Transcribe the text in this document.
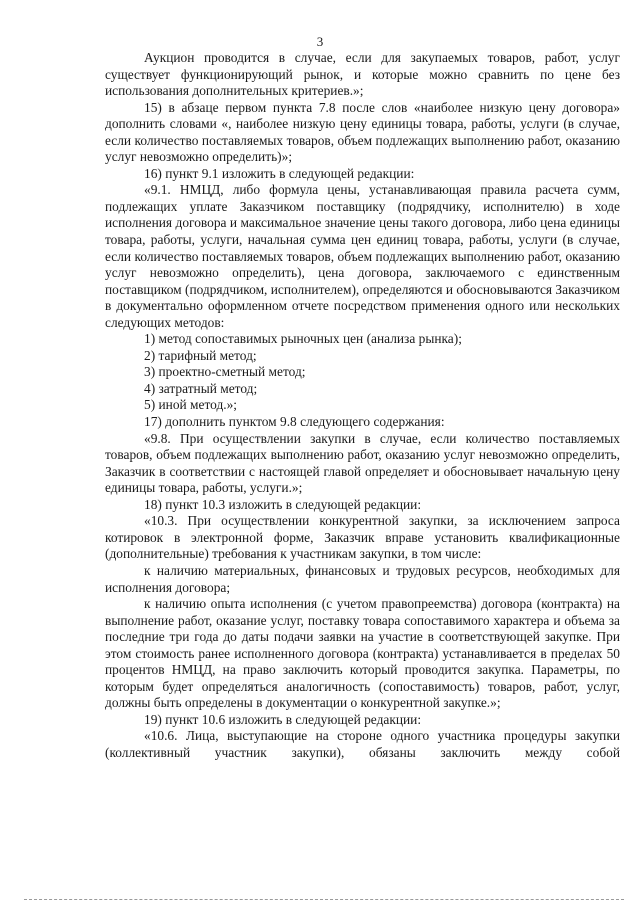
3

Аукцион проводится в случае, если для закупаемых товаров, работ, услуг существует функционирующий рынок, и которые можно сравнить по цене без использования дополнительных критериев.»;

15) в абзаце первом пункта 7.8 после слов «наиболее низкую цену договора» дополнить словами «, наиболее низкую цену единицы товара, работы, услуги (в случае, если количество поставляемых товаров, объем подлежащих выполнению работ, оказанию услуг невозможно определить)»;

16) пункт 9.1 изложить в следующей редакции:

«9.1. НМЦД, либо формула цены, устанавливающая правила расчета сумм, подлежащих уплате Заказчиком поставщику (подрядчику, исполнителю) в ходе исполнения договора и максимальное значение цены такого договора, либо цена единицы товара, работы, услуги, начальная сумма цен единиц товара, работы, услуги (в случае, если количество поставляемых товаров, объем подлежащих выполнению работ, оказанию услуг невозможно определить), цена договора, заключаемого с единственным поставщиком (подрядчиком, исполнителем), определяются и обосновываются Заказчиком в документально оформленном отчете посредством применения одного или нескольких следующих методов:

1) метод сопоставимых рыночных цен (анализа рынка);

2) тарифный метод;

3) проектно-сметный метод;

4) затратный метод;

5) иной метод.»;

17) дополнить пунктом 9.8 следующего содержания:

«9.8. При осуществлении закупки в случае, если количество поставляемых товаров, объем подлежащих выполнению работ, оказанию услуг невозможно определить, Заказчик в соответствии с настоящей главой определяет и обосновывает начальную цену единицы товара, работы, услуги.»;

18) пункт 10.3 изложить в следующей редакции:

«10.3. При осуществлении конкурентной закупки, за исключением запроса котировок в электронной форме, Заказчик вправе установить квалификационные (дополнительные) требования к участникам закупки, в том числе:

к наличию материальных, финансовых и трудовых ресурсов, необходимых для исполнения договора;

к наличию опыта исполнения (с учетом правопреемства) договора (контракта) на выполнение работ, оказание услуг, поставку товара сопоставимого характера и объема за последние три года до даты подачи заявки на участие в соответствующей закупке. При этом стоимость ранее исполненного договора (контракта) устанавливается в пределах 50 процентов НМЦД, на право заключить который проводится закупка. Параметры, по которым будет определяться аналогичность (сопоставимость) товаров, работ, услуг, должны быть определены в документации о конкурентной закупке.»;

19) пункт 10.6 изложить в следующей редакции:

«10.6. Лица, выступающие на стороне одного участника процедуры закупки (коллективный участник закупки), обязаны заключить между собой
